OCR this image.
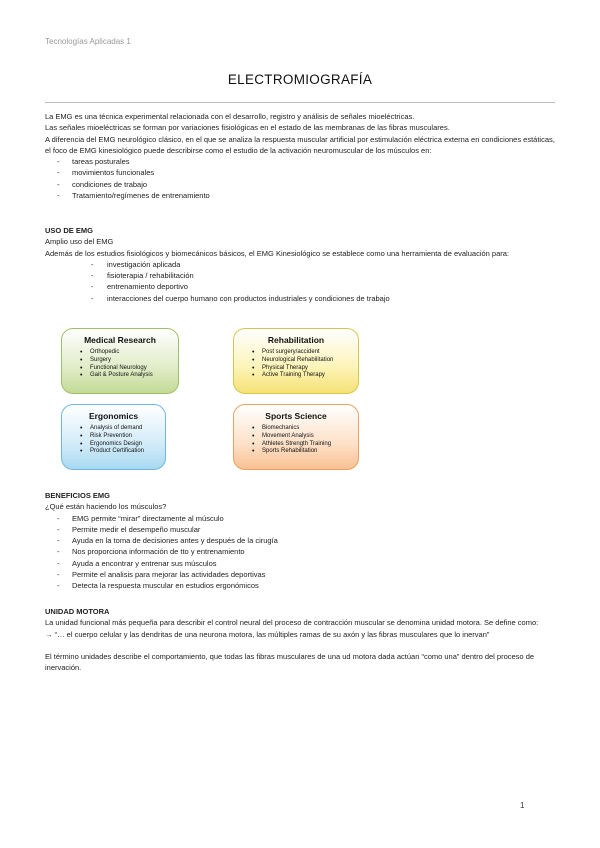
Tecnologías Aplicadas 1
ELECTROMIOGRAFÍA

La EMG es una técnica experimental relacionada con el desarrollo, registro y análisis de señales mioeléctricas.

Las señales mioeléctricas se forman por variaciones fisiológicas en el estado de las membranas de las fibras musculares.

A diferencia del EMG neurológico clásico, en el que se analiza la respuesta muscular artificial por estimulación eléctrica externa en condiciones estáticas, el foco de EMG kinesiológico puede describirse como el estudio de la activación neuromuscular de los músculos en:

- tareas posturales
- movimientos funcionales
- condiciones de trabajo
- Tratamiento/regímenes de entrenamiento

USO DE EMG

Amplio uso del EMG

Además de los estudios fisiológicos y biomecánicos básicos, el EMG Kinesiológico se establece como una herramienta de evaluación para:

- investigación aplicada
- fisioterapia / rehabilitación
- entrenamiento deportivo
- interacciones del cuerpo humano con productos industriales y condiciones de trabajo
Medical Research
• Orthopedic
• Surgery
• Functional Neurology
• Gait & Posture Analysis
Rehabilitation
• Post surgery/accident
• Neurological Rehabilitation
• Physical Therapy
• Active Training Therapy
Ergonomics
• Analysis of demand
• Risk Prevention
• Ergonomics Design
• Product Certification
Sports Science
• Biomechanics
• Movement Analysis
• Athletes Strength Training
• Sports Rehabilitation

BENEFICIOS EMG

¿Qué están haciendo los músculos?

- EMG permite “mirar” directamente al músculo
- Permite medir el desempeño muscular
- Ayuda en la toma de decisiones antes y después de la cirugía
- Nos proporciona información de tto y entrenamiento
- Ayuda a encontrar y entrenar sus músculos
- Permite el analisis para mejorar las actividades deportivas
- Detecta la respuesta muscular en estudios ergonómicos

UNIDAD MOTORA

La unidad funcional más pequeña para describir el control neural del proceso de contracción muscular se denomina unidad motora. Se define como:

→ “… el cuerpo celular y las dendritas de una neurona motora, las múltiples ramas de su axón y las fibras musculares que lo inervan”

El término unidades describe el comportamiento, que todas las fibras musculares de una ud motora dada actúan “como una” dentro del proceso de inervación.

1
